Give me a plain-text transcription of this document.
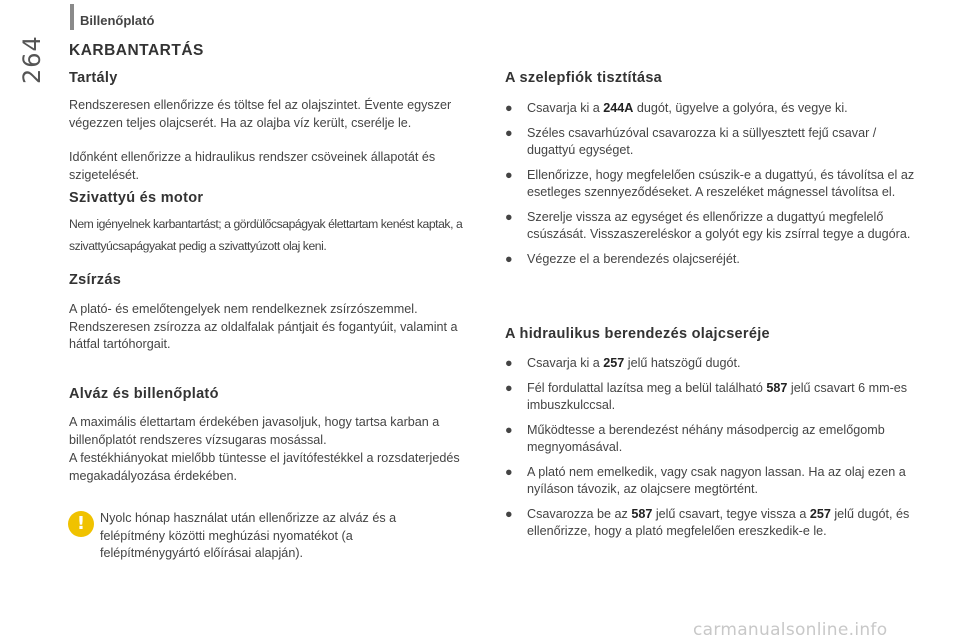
Billenőplató
264 KARBANTARTÁS
Tartály
Rendszeresen ellenőrizze és töltse fel az olajszintet. Évente egyszer végezzen teljes olajcserét. Ha az olajba víz került, cserélje le.
Időnként ellenőrizze a hidraulikus rendszer csöveinek állapotát és szigetelését.
Szivattyú és motor
Nem igényelnek karbantartást; a gördülőcsapágyak élettartam kenést kaptak, a szivattyúcsapágyakat pedig a szivattyúzott olaj keni.
Zsírzás
A plató- és emelőtengelyek nem rendelkeznek zsírzószemmel. Rendszeresen zsírozza az oldalfalak pántjait és fogantyúit, valamint a hátfal tartóhorgait.
Alváz és billenőplató
A maximális élettartam érdekében javasoljuk, hogy tartsa karban a billenőplatót rendszeres vízsugaras mosással.
A festékhiányokat mielőbb tüntesse el javítófestékkel a rozsdaterjedés megakadályozása érdekében.
! Nyolc hónap használat után ellenőrizze az alváz és a felépítmény közötti meghúzási nyomatékot (a felépítménygyártó előírásai alapján).
A szelepfiók tisztítása
● Csavarja ki a 244A dugót, ügyelve a golyóra, és vegye ki.
● Széles csavarhúzóval csavarozza ki a süllyesztett fejű csavar / dugattyú egységet.
● Ellenőrizze, hogy megfelelően csúszik-e a dugattyú, és távolítsa el az esetleges szennyeződéseket. A reszeléket mágnessel távolítsa el.
● Szerelje vissza az egységet és ellenőrizze a dugattyú megfelelő csúszását. Visszaszereléskor a golyót egy kis zsírral tegye a dugóra.
● Végezze el a berendezés olajcseréjét.
A hidraulikus berendezés olajcseréje
● Csavarja ki a 257 jelű hatszögű dugót.
● Fél fordulattal lazítsa meg a belül található 587 jelű csavart 6 mm-es imbuszkulccsal.
● Működtesse a berendezést néhány másodpercig az emelőgomb megnyomásával.
● A plató nem emelkedik, vagy csak nagyon lassan. Ha az olaj ezen a nyíláson távozik, az olajcsere megtörtént.
● Csavarozza be az 587 jelű csavart, tegye vissza a 257 jelű dugót, és ellenőrizze, hogy a plató megfelelően ereszkedik-e le.
carmanualsonline.info
